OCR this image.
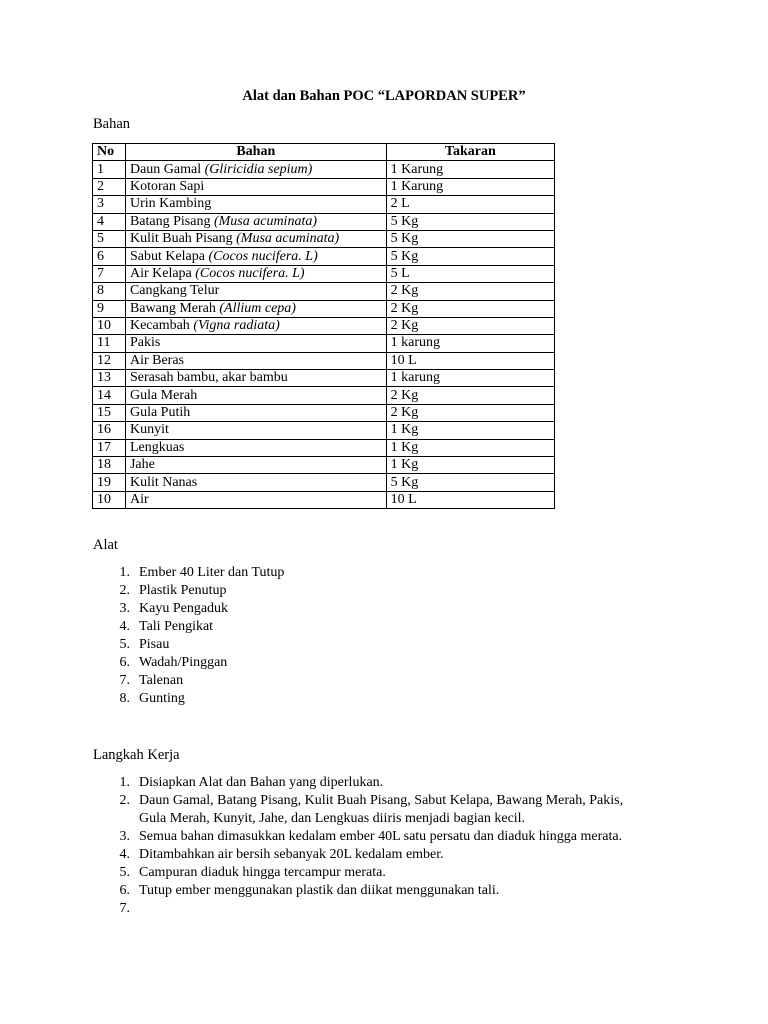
Alat dan Bahan POC “LAPORDAN SUPER”
Bahan
No	Bahan	Takaran
1	Daun Gamal (Gliricidia sepium)	1 Karung
2	Kotoran Sapi	1 Karung
3	Urin Kambing	2 L
4	Batang Pisang (Musa acuminata)	5 Kg
5	Kulit Buah Pisang (Musa acuminata)	5 Kg
6	Sabut Kelapa (Cocos nucifera. L)	5 Kg
7	Air Kelapa (Cocos nucifera. L)	5 L
8	Cangkang Telur	2 Kg
9	Bawang Merah (Allium cepa)	2 Kg
10	Kecambah (Vigna radiata)	2 Kg
11	Pakis	1 karung
12	Air Beras	10 L
13	Serasah bambu, akar bambu	1 karung
14	Gula Merah	2 Kg
15	Gula Putih	2 Kg
16	Kunyit	1 Kg
17	Lengkuas	1 Kg
18	Jahe	1 Kg
19	Kulit Nanas	5 Kg
10	Air	10 L
Alat
1. Ember 40 Liter dan Tutup
2. Plastik Penutup
3. Kayu Pengaduk
4. Tali Pengikat
5. Pisau
6. Wadah/Pinggan
7. Talenan
8. Gunting
Langkah Kerja
1. Disiapkan Alat dan Bahan yang diperlukan.
2. Daun Gamal, Batang Pisang, Kulit Buah Pisang, Sabut Kelapa, Bawang Merah, Pakis,
Gula Merah, Kunyit, Jahe, dan Lengkuas diiris menjadi bagian kecil.
3. Semua bahan dimasukkan kedalam ember 40L satu persatu dan diaduk hingga merata.
4. Ditambahkan air bersih sebanyak 20L kedalam ember.
5. Campuran diaduk hingga tercampur merata.
6. Tutup ember menggunakan plastik dan diikat menggunakan tali.
7.
